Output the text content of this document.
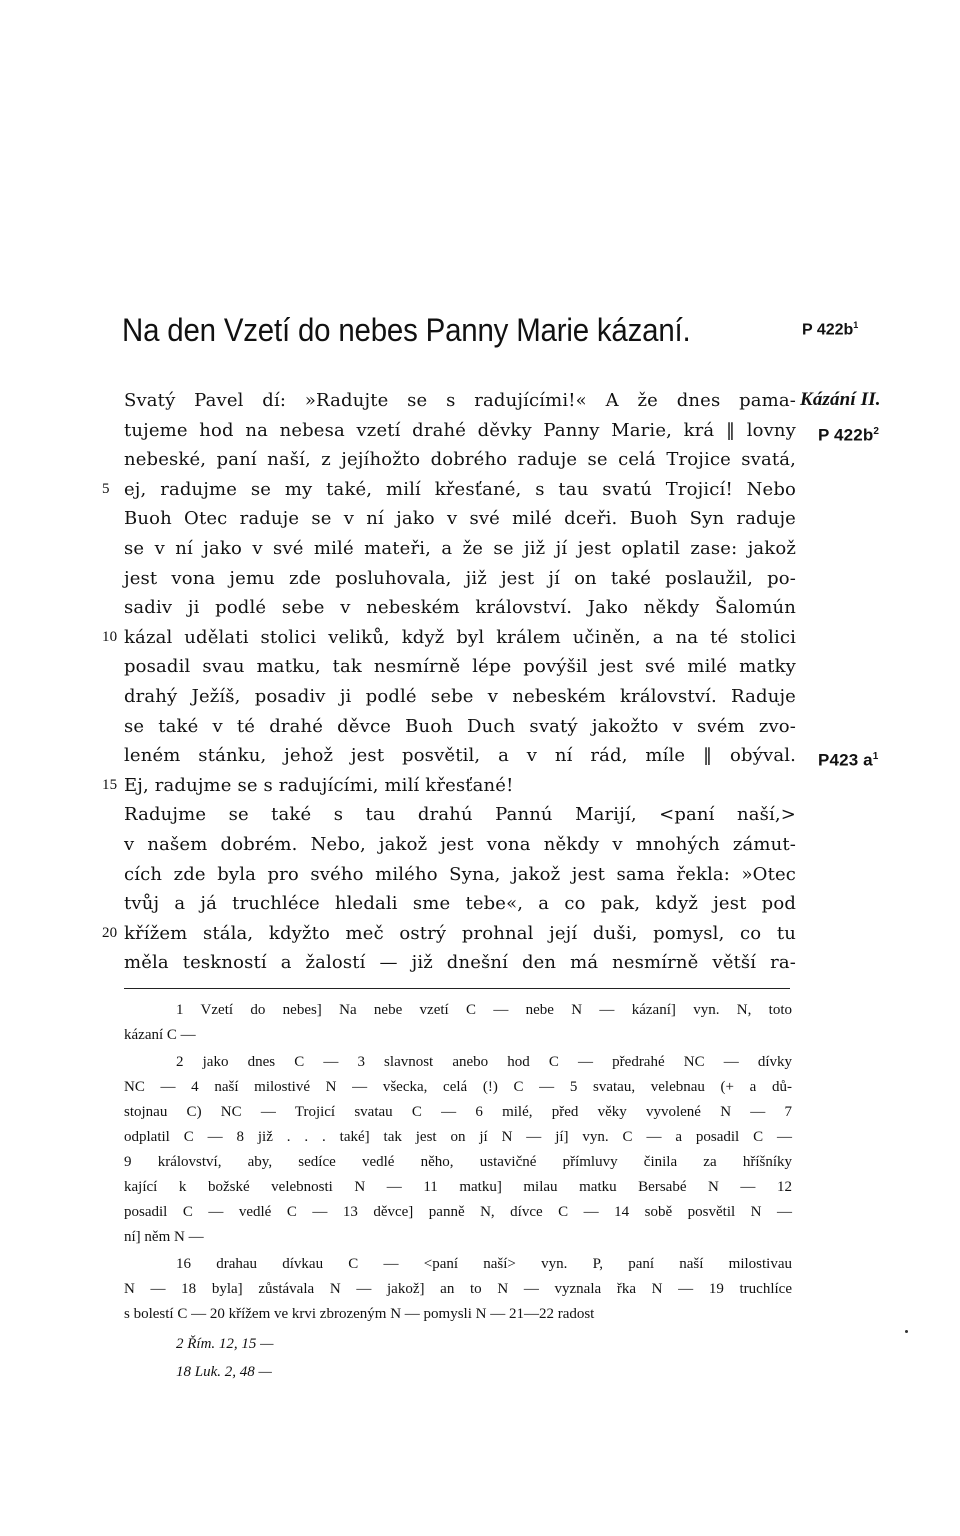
Na den Vzetí do nebes Panny Marie kázaní.	P $422b^1$
Svatý Pavel dí: »Radujte se s radujícími!« A že dnes pama- Kázání II.
tujeme hod na nebesa vzetí drahé děvky Panny Marie, krá ‖ lovny P $422b^2$
nebeské, paní naší, z jejíhožto dobrého raduje se celá Trojice svatá,
5 ej, radujme se my také, milí křesťané, s tau svatú Trojicí! Nebo
Buoh Otec raduje se v ní jako v své milé dceři. Buoh Syn raduje
se v ní jako v své milé mateři, a že se již jí jest oplatil zase: jakož
jest vona jemu zde posluhovala, již jest jí on také poslaužil, po-
sadiv ji podlé sebe v nebeském království. Jako někdy Šalomún
10 kázal udělati stolici veliků, když byl králem učiněn, a na té stolici
posadil svau matku, tak nesmírně lépe povýšil jest své milé matky
drahý Ježíš, posadiv ji podlé sebe v nebeském království. Raduje
se také v té drahé děvce Buoh Duch svatý jakožto v svém zvo-
leném stánku, jehož jest posvětil, a v ní rád, míle ‖ obýval. P423 $a^1$
15 Ej, radujme se s radujícími, milí křesťané!
Radujme se také s tau drahú Pannú Marijí, <paní naší,>
v našem dobrém. Nebo, jakož jest vona někdy v mnohých zámut-
cích zde byla pro svého milého Syna, jakož jest sama řekla: »Otec
tvůj a já truchléce hledali sme tebe«, a co pak, když jest pod
20 křížem stála, kdyžto meč ostrý prohnal její duši, pomysl, co tu
měla teskností a žalostí — již dnešní den má nesmírně větší ra-
1 Vzetí do nebes] Na nebe vzetí C — nebe N — kázaní] vyn. N, toto
kázaní C —
2 jako dnes C — 3 slavnost anebo hod C — předrahé NC — dívky
NC — 4 naší milostivé N — všecka, celá (!) C — 5 svatau, velebnau (+ a dů-
stojnau C) NC — Trojicí svatau C — 6 milé, před věky vyvolené N — 7
odplatil C — 8 již . . . také] tak jest on jí N — jí] vyn. C — a posadil C —
9 království, aby, sedíce vedlé něho, ustavičné přímluvy činila za hříšníky
kající k božské velebnosti N — 11 matku] milau matku Bersabé N — 12
posadil C — vedlé C — 13 děvce] panně N, dívce C — 14 sobě posvětil N —
ní] něm N —
16 drahau dívkau C — <paní naší> vyn. P, paní naší milostivau
N — 18 byla] zůstávala N — jakož] an to N — vyznala řka N — 19 truchlíce
s bolestí C — 20 křížem ve krvi zbrozeným N — pomysli N — 21—22 radost
2 Řím. 12, 15 —
18 Luk. 2, 48 —
